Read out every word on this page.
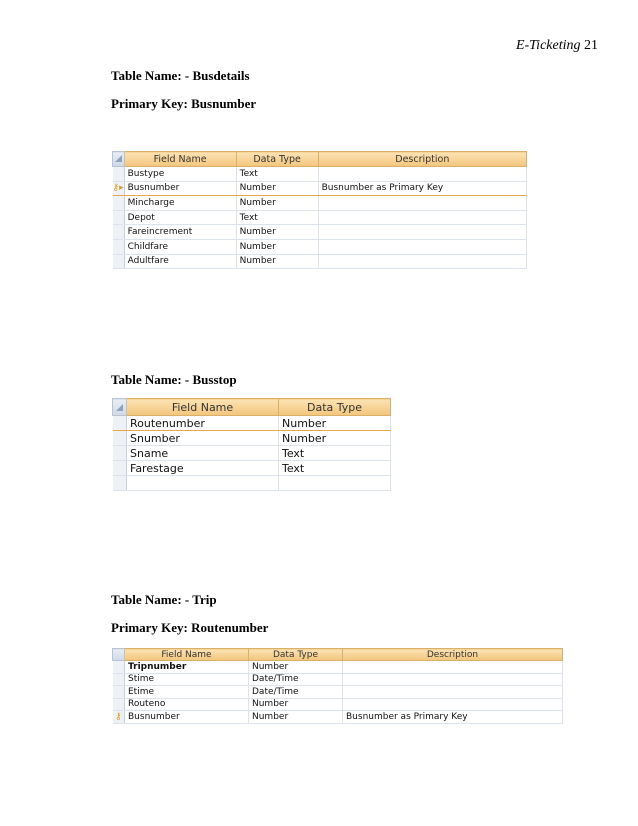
E-Ticketing 21
Table Name: - Busdetails
Primary Key: Busnumber
	Field Name	Data Type	Description
	Bustype	Text	
⚷▸	Busnumber	Number	Busnumber as Primary Key
	Mincharge	Number	
	Depot	Text	
	Fareincrement	Number	
	Childfare	Number	
	Adultfare	Number	
Table Name: - Busstop
	Field Name	Data Type
	Routenumber	Number
	Snumber	Number
	Sname	Text
	Farestage	Text

Table Name: - Trip
Primary Key: Routenumber
	Field Name	Data Type	Description
	Tripnumber	Number	
	Stime	Date/Time	
	Etime	Date/Time	
	Routeno	Number	
⚷	Busnumber	Number	Busnumber as Primary Key
